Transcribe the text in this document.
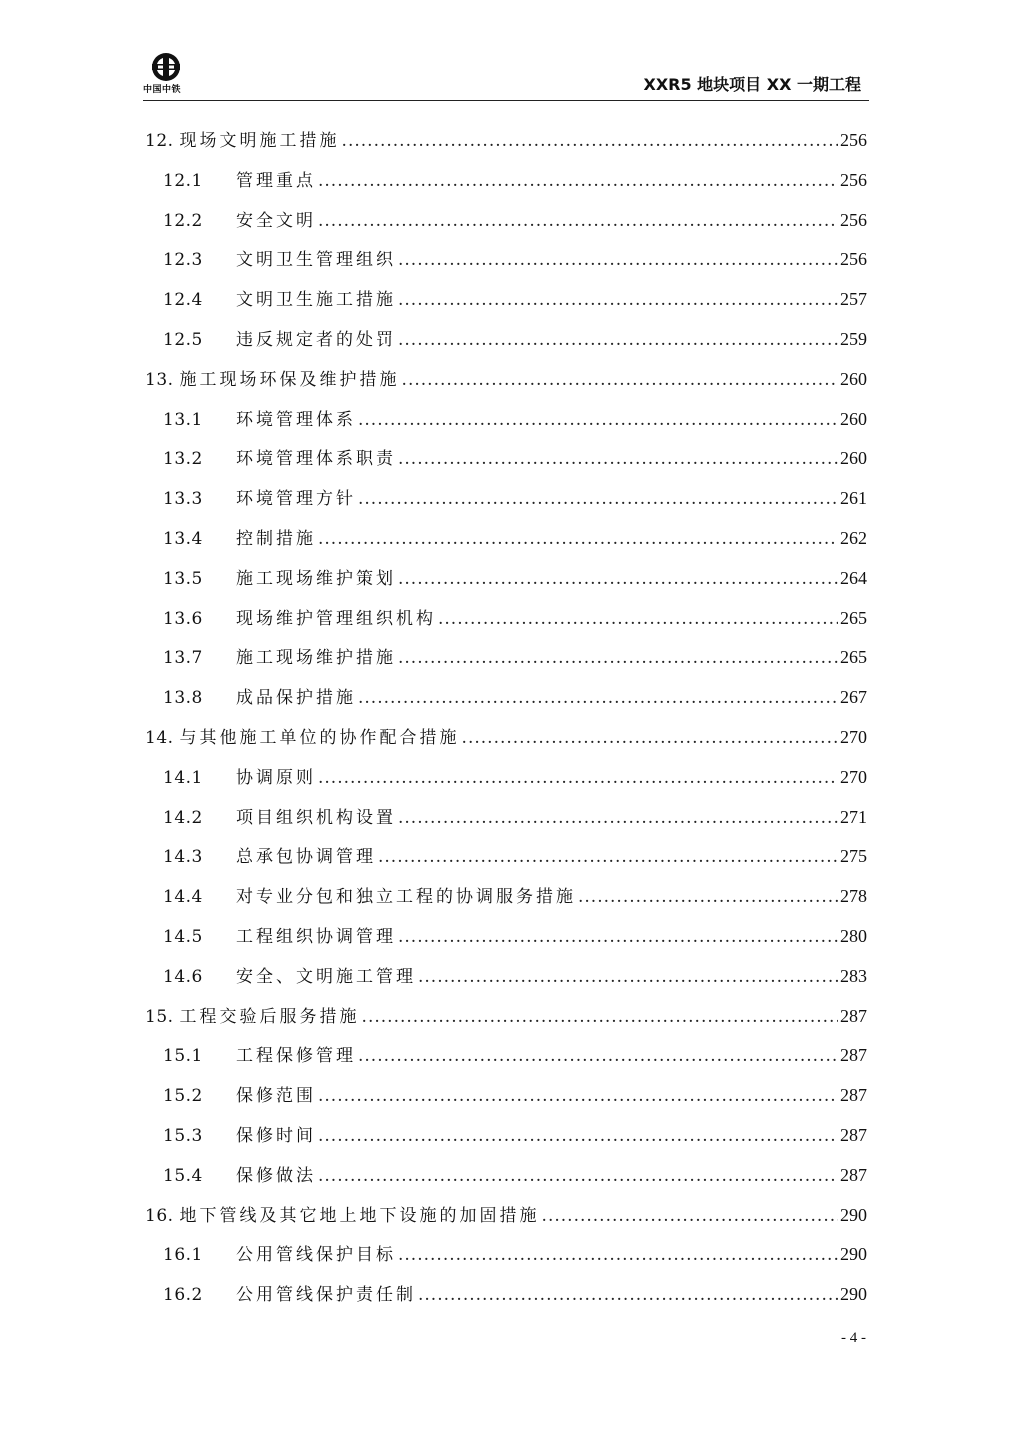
中国中铁	XXR5 地块项目 XX 一期工程
12. 现场文明施工措施 .....	256
12.1	管理重点 .....	256
12.2	安全文明 .....	256
12.3	文明卫生管理组织 .....	256
12.4	文明卫生施工措施 .....	257
12.5	违反规定者的处罚 .....	259
13. 施工现场环保及维护措施 .....	260
13.1	环境管理体系 .....	260
13.2	环境管理体系职责 .....	260
13.3	环境管理方针 .....	261
13.4	控制措施 .....	262
13.5	施工现场维护策划 .....	264
13.6	现场维护管理组织机构 .....	265
13.7	施工现场维护措施 .....	265
13.8	成品保护措施 .....	267
14. 与其他施工单位的协作配合措施 .....	270
14.1	协调原则 .....	270
14.2	项目组织机构设置 .....	271
14.3	总承包协调管理 .....	275
14.4	对专业分包和独立工程的协调服务措施 .....	278
14.5	工程组织协调管理 .....	280
14.6	安全、文明施工管理 .....	283
15. 工程交验后服务措施 .....	287
15.1	工程保修管理 .....	287
15.2	保修范围 .....	287
15.3	保修时间 .....	287
15.4	保修做法 .....	287
16. 地下管线及其它地上地下设施的加固措施 .....	290
16.1	公用管线保护目标 .....	290
16.2	公用管线保护责任制 .....	290
- 4 -
